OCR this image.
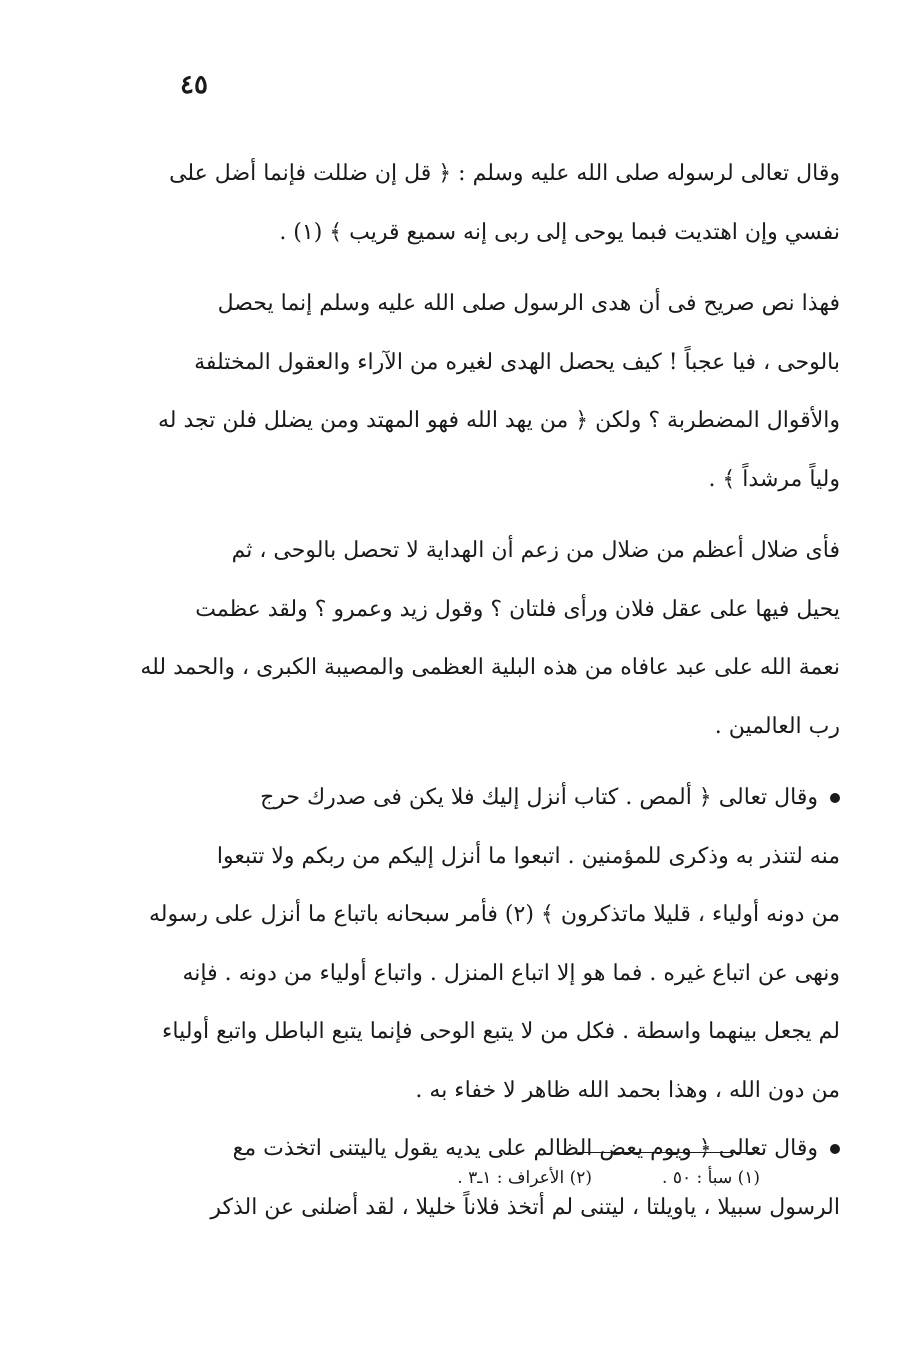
٤٥
وقال تعالى لرسوله صلى الله عليه وسلم : ﴿ قل إن ضللت فإنما أضل على
نفسي وإن اهتديت فبما يوحى إلى ربى إنه سميع قريب ﴾ (١) .
فهذا نص صريح فى أن هدى الرسول صلى الله عليه وسلم إنما يحصل
بالوحى ، فيا عجباً ! كيف يحصل الهدى لغيره من الآراء والعقول المختلفة
والأقوال المضطربة ؟ ولكن ﴿ من يهد الله فهو المهتد ومن يضلل فلن تجد له
ولياً مرشداً ﴾ .
فأى ضلال أعظم من ضلال من زعم أن الهداية لا تحصل بالوحى ، ثم
يحيل فيها على عقل فلان ورأى فلتان ؟ وقول زيد وعمرو ؟ ولقد عظمت
نعمة الله على عبد عافاه من هذه البلية العظمى والمصيبة الكبرى ، والحمد لله
رب العالمين .
وقال تعالى ﴿ ألمص . كتاب أنزل إليك فلا يكن فى صدرك حرج
منه لتنذر به وذكرى للمؤمنين . اتبعوا ما أنزل إليكم من ربكم ولا تتبعوا
من دونه أولياء ، قليلا ماتذكرون ﴾ (٢) فأمر سبحانه باتباع ما أنزل على رسوله
ونهى عن اتباع غيره . فما هو إلا اتباع المنزل . واتباع أولياء من دونه . فإنه
لم يجعل بينهما واسطة . فكل من لا يتبع الوحى فإنما يتبع الباطل واتبع أولياء
من دون الله ، وهذا بحمد الله ظاهر لا خفاء به .
وقال تعالى ﴿ ويوم يعض الظالم على يديه يقول ياليتنى اتخذت مع
الرسول سبيلا ، ياويلتا ، ليتنى لم أتخذ فلاناً خليلا ، لقد أضلنى عن الذكر
(١) سبأ : ٥٠ .
(٢) الأعراف : ١ـ٣ .
